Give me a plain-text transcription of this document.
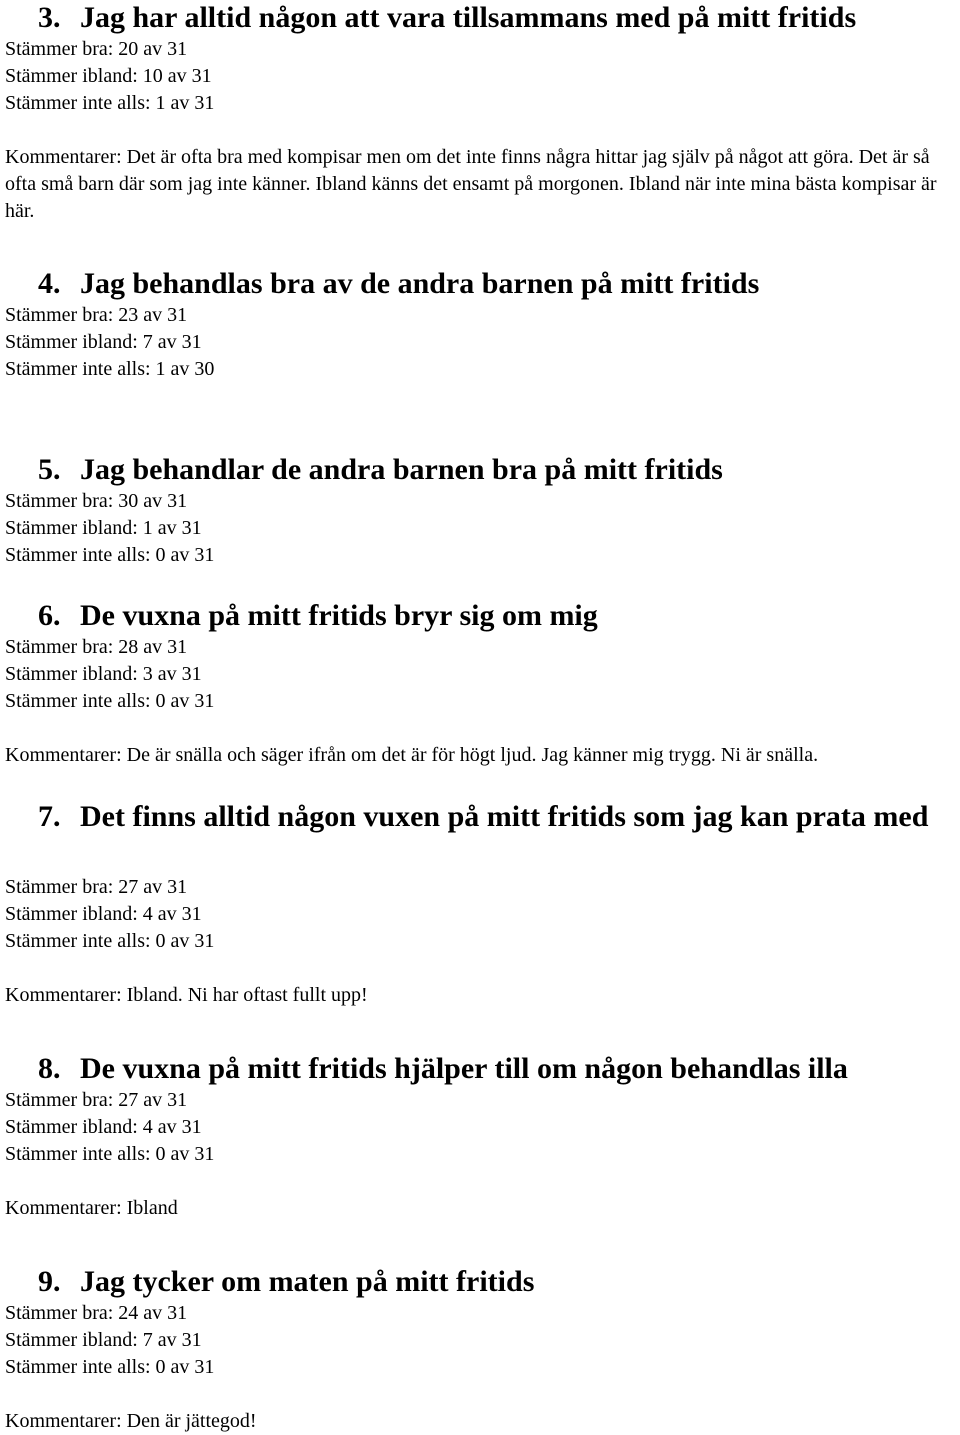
3. Jag har alltid någon att vara tillsammans med på mitt fritids
Stämmer bra: 20 av 31
Stämmer ibland: 10 av 31
Stämmer inte alls: 1 av 31
Kommentarer: Det är ofta bra med kompisar men om det inte finns några hittar jag själv på något att göra. Det är så ofta små barn där som jag inte känner. Ibland känns det ensamt på morgonen. Ibland när inte mina bästa kompisar är här.
4. Jag behandlas bra av de andra barnen på mitt fritids
Stämmer bra: 23 av 31
Stämmer ibland: 7 av 31
Stämmer inte alls: 1 av 30
5. Jag behandlar de andra barnen bra på mitt fritids
Stämmer bra: 30 av 31
Stämmer ibland: 1 av 31
Stämmer inte alls: 0 av 31
6. De vuxna på mitt fritids bryr sig om mig
Stämmer bra: 28 av 31
Stämmer ibland: 3 av 31
Stämmer inte alls: 0 av 31
Kommentarer: De är snälla och säger ifrån om det är för högt ljud. Jag känner mig trygg. Ni är snälla.
7. Det finns alltid någon vuxen på mitt fritids som jag kan prata med
Stämmer bra: 27 av 31
Stämmer ibland: 4 av 31
Stämmer inte alls: 0 av 31
Kommentarer: Ibland. Ni har oftast fullt upp!
8. De vuxna på mitt fritids hjälper till om någon behandlas illa
Stämmer bra: 27 av 31
Stämmer ibland: 4 av 31
Stämmer inte alls: 0 av 31
Kommentarer: Ibland
9. Jag tycker om maten på mitt fritids
Stämmer bra: 24 av 31
Stämmer ibland: 7 av 31
Stämmer inte alls: 0 av 31
Kommentarer: Den är jättegod!
